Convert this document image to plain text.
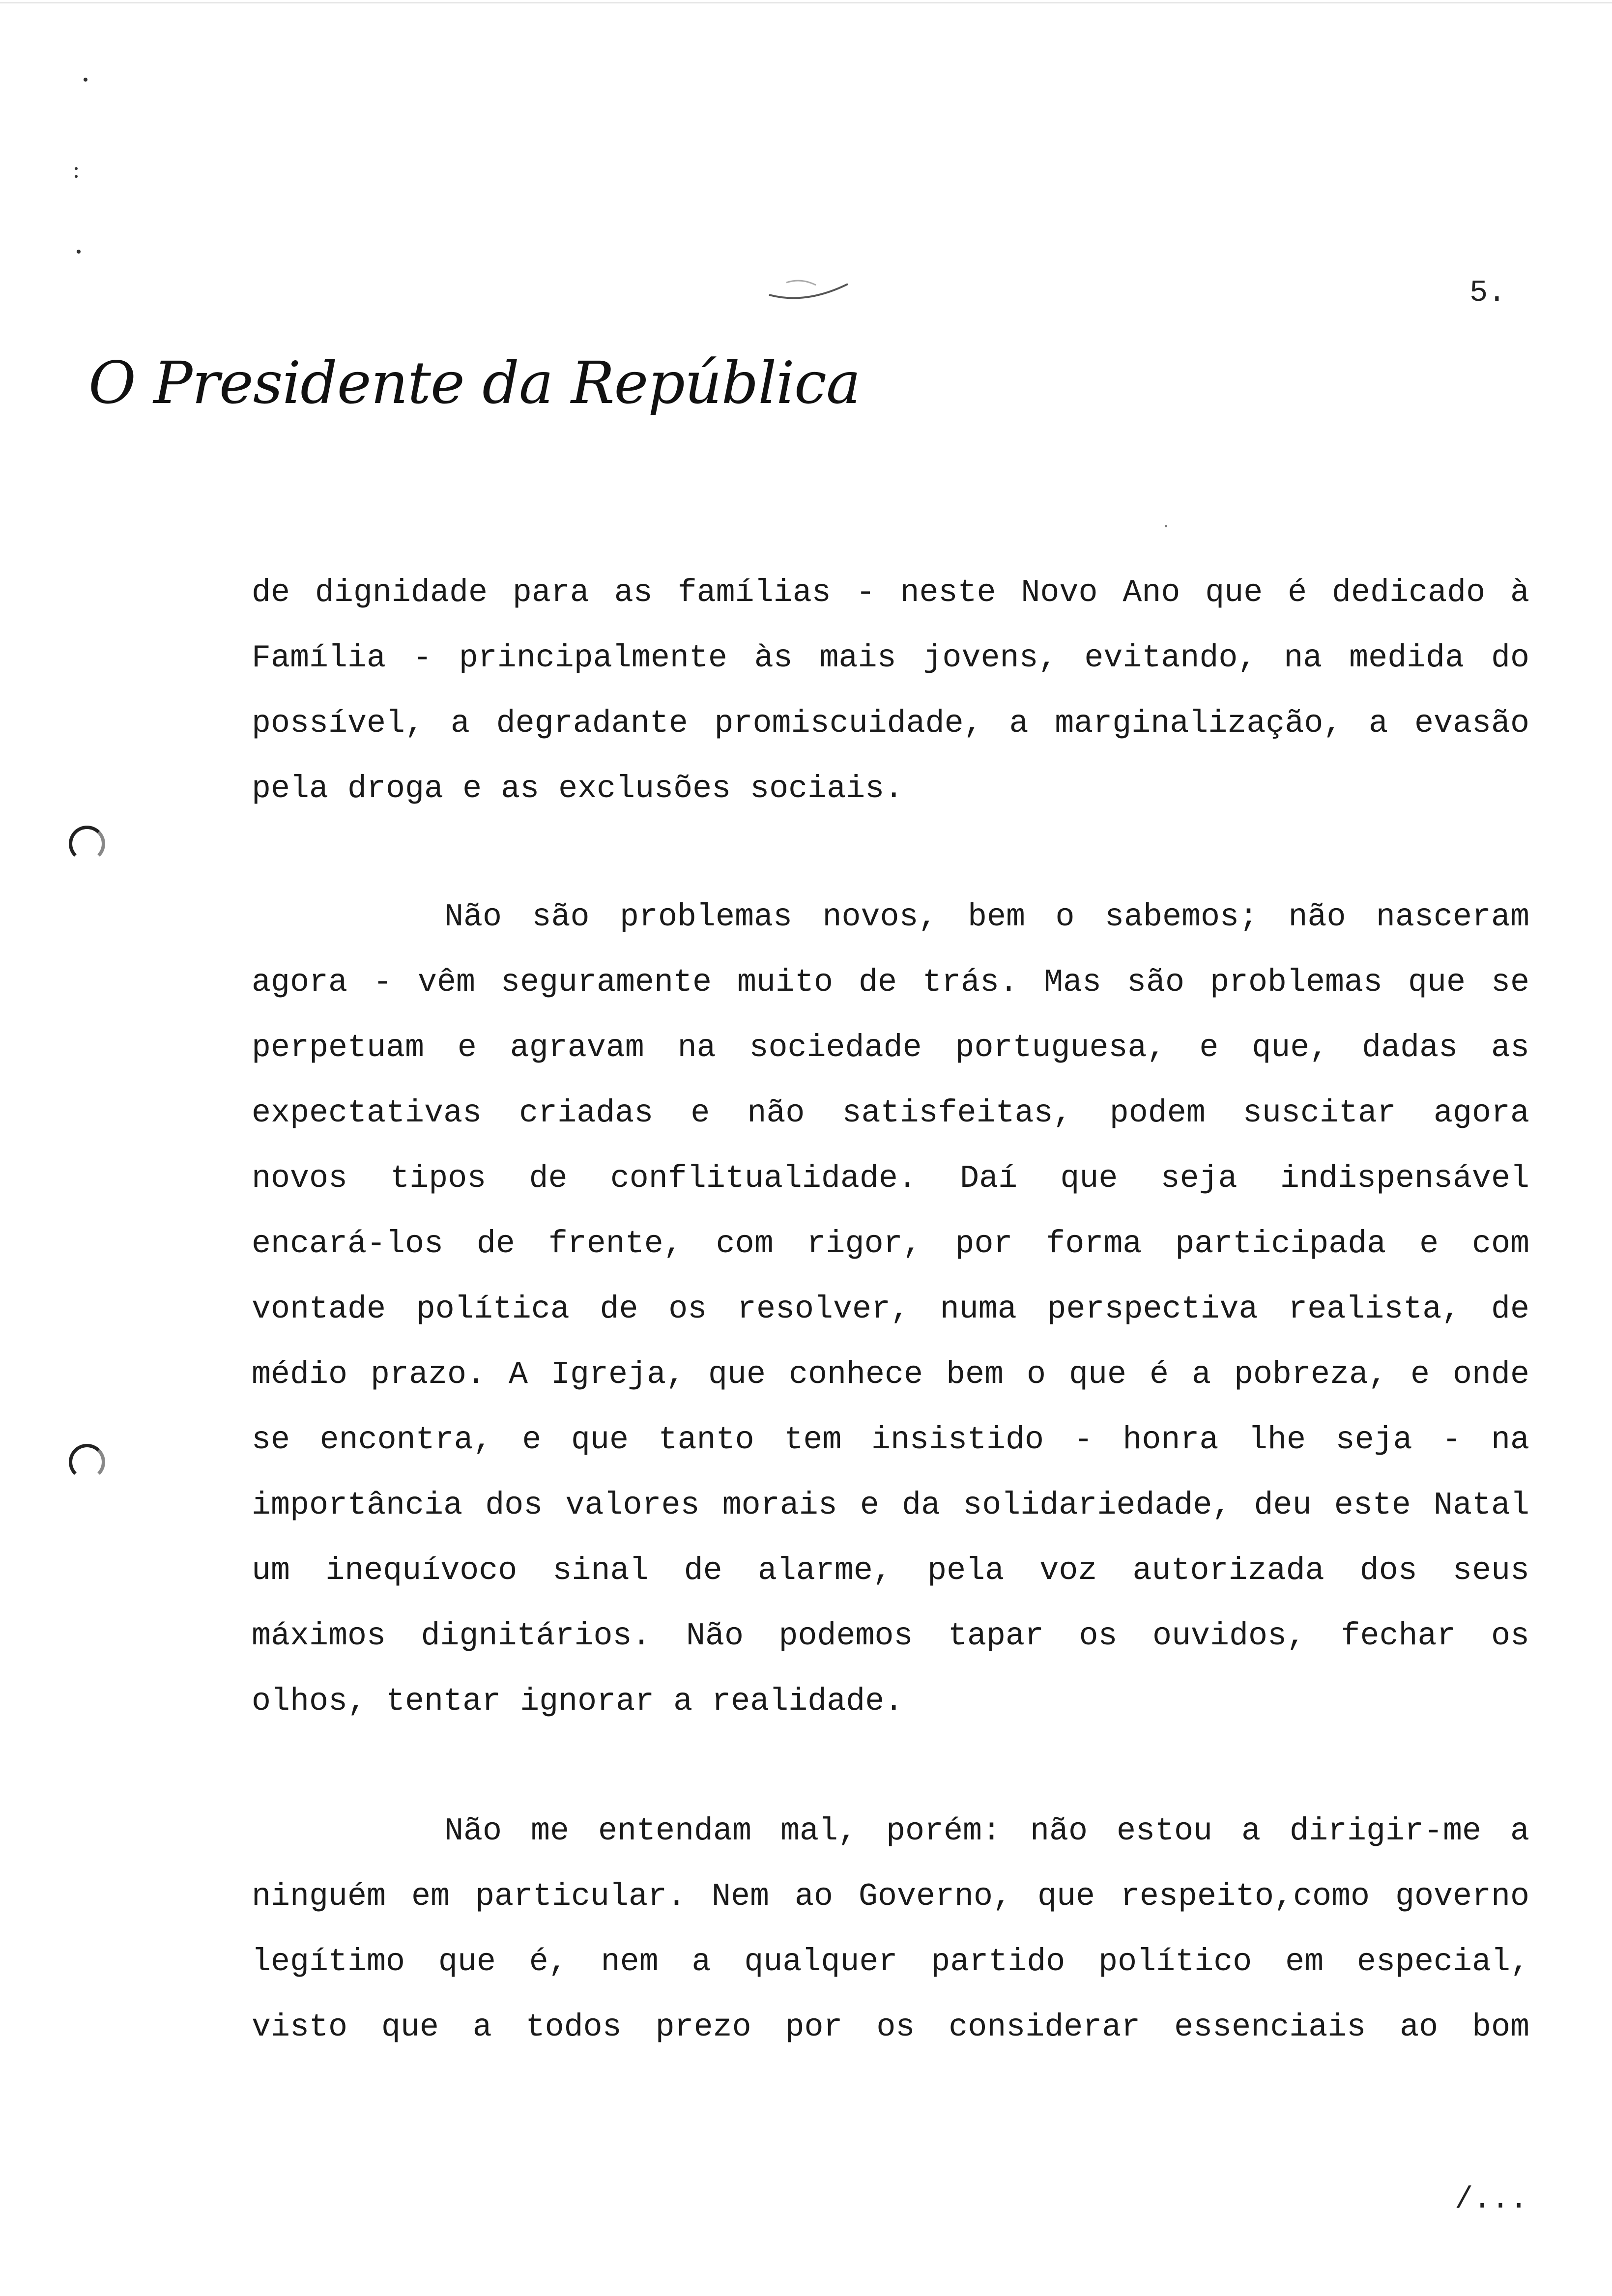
5.
O Presidente da República
de dignidade para as famílias - neste Novo Ano que é dedicado à
Família - principalmente às mais jovens, evitando, na medida do
possível, a degradante promiscuidade, a marginalização, a evasão
pela droga e as exclusões sociais.
Não são problemas novos, bem o sabemos; não nasceram
agora - vêm seguramente muito de trás. Mas são problemas que se
perpetuam e agravam na sociedade portuguesa, e que, dadas as
expectativas criadas e não satisfeitas, podem suscitar agora
novos tipos de conflitualidade. Daí que seja indispensável
encará-los de frente, com rigor, por forma participada e com
vontade política de os resolver, numa perspectiva realista, de
médio prazo. A Igreja, que conhece bem o que é a pobreza, e onde
se encontra, e que tanto tem insistido - honra lhe seja - na
importância dos valores morais e da solidariedade, deu este Natal
um inequívoco sinal de alarme, pela voz autorizada dos seus
máximos dignitários. Não podemos tapar os ouvidos, fechar os
olhos, tentar ignorar a realidade.
Não me entendam mal, porém: não estou a dirigir-me a
ninguém em particular. Nem ao Governo, que respeito,como governo
legítimo que é, nem a qualquer partido político em especial,
visto que a todos prezo por os considerar essenciais ao bom
/...
